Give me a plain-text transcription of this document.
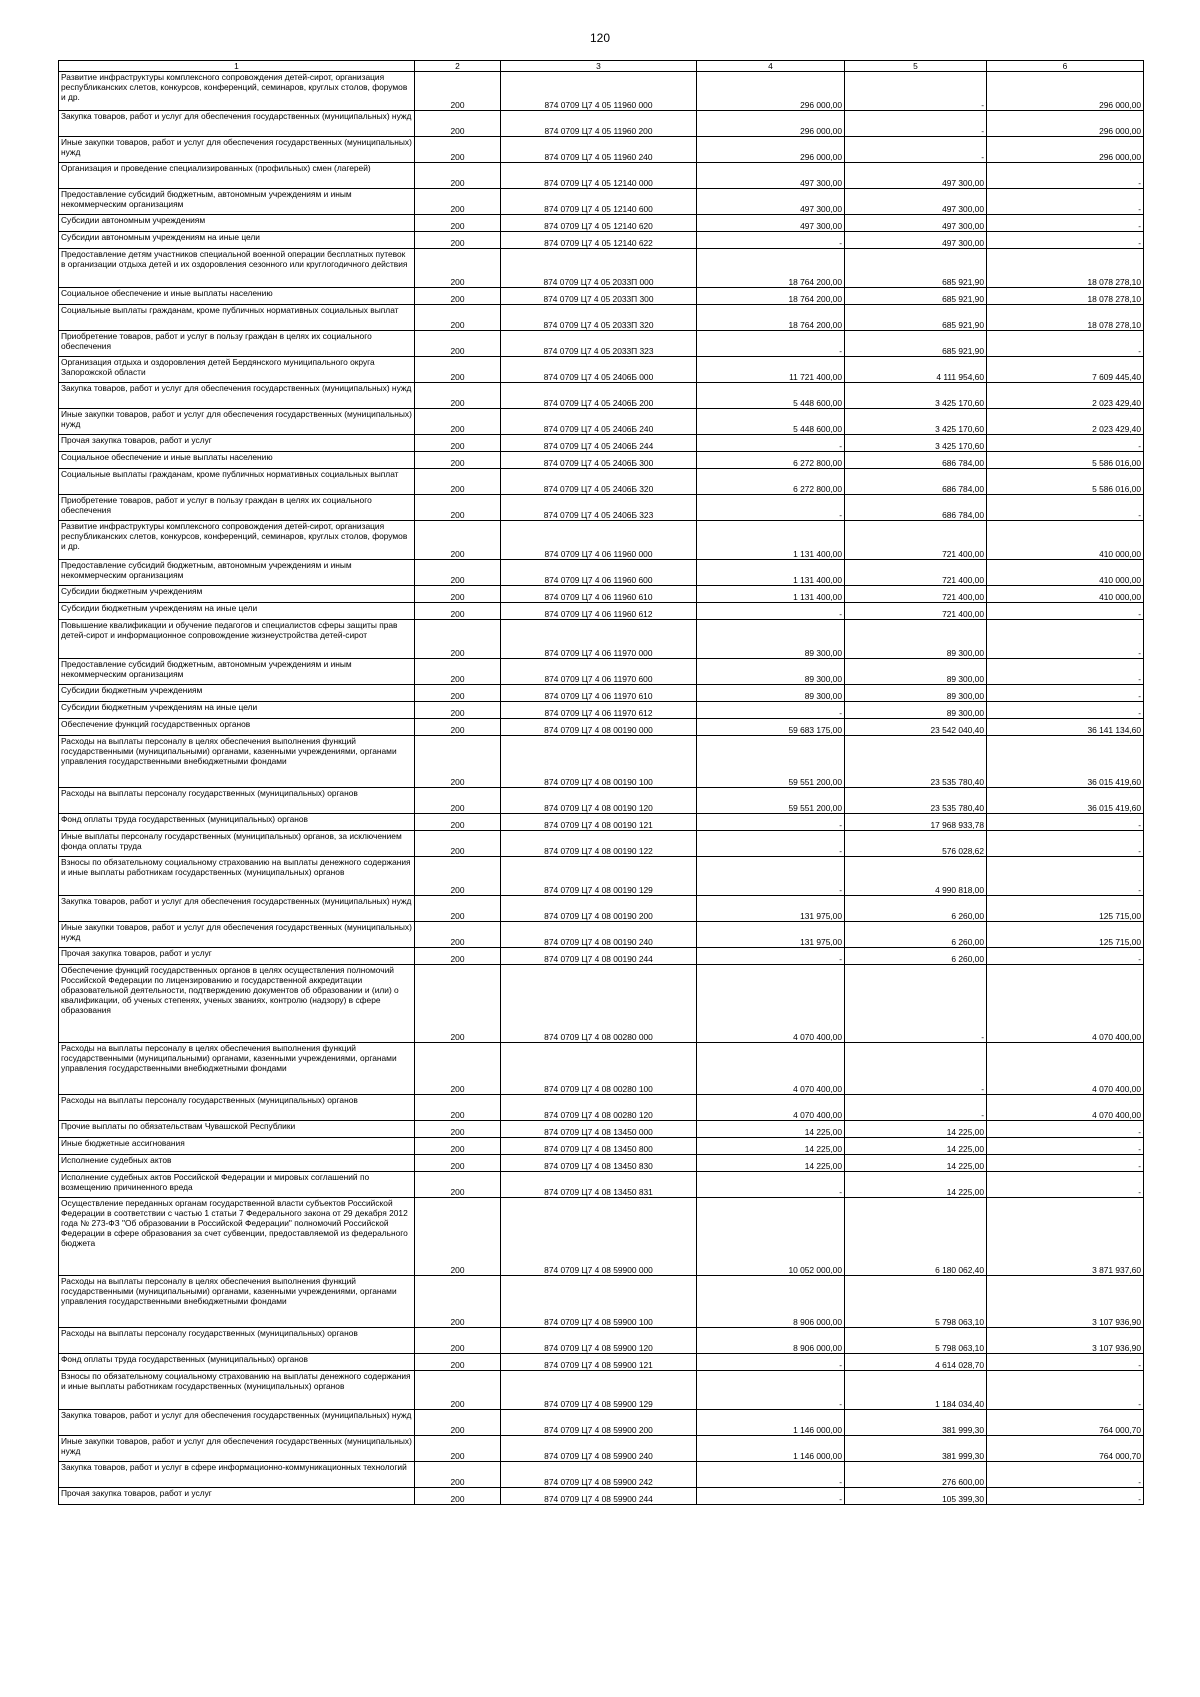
120
1	2	3	4	5	6
Развитие инфраструктуры комплексного сопровождения детей-сирот, организация республиканских слетов, конкурсов, конференций, семинаров, круглых столов, форумов и др.	200	874 0709 Ц7 4 05 11960 000	296 000,00	-	296 000,00
Закупка товаров, работ и услуг для обеспечения государственных (муниципальных) нужд	200	874 0709 Ц7 4 05 11960 200	296 000,00	-	296 000,00
Иные закупки товаров, работ и услуг для обеспечения государственных (муниципальных) нужд	200	874 0709 Ц7 4 05 11960 240	296 000,00	-	296 000,00
Организация и проведение специализированных (профильных) смен (лагерей)	200	874 0709 Ц7 4 05 12140 000	497 300,00	497 300,00	-
Предоставление субсидий бюджетным, автономным учреждениям и иным некоммерческим организациям	200	874 0709 Ц7 4 05 12140 600	497 300,00	497 300,00	-
Субсидии автономным учреждениям	200	874 0709 Ц7 4 05 12140 620	497 300,00	497 300,00	-
Субсидии автономным учреждениям на иные цели	200	874 0709 Ц7 4 05 12140 622	-	497 300,00	-
Предоставление детям участников специальной военной операции бесплатных путевок в организации отдыха детей и их оздоровления сезонного или круглогодичного действия	200	874 0709 Ц7 4 05 2033П 000	18 764 200,00	685 921,90	18 078 278,10
Социальное обеспечение и иные выплаты населению	200	874 0709 Ц7 4 05 2033П 300	18 764 200,00	685 921,90	18 078 278,10
Социальные выплаты гражданам, кроме публичных нормативных социальных выплат	200	874 0709 Ц7 4 05 2033П 320	18 764 200,00	685 921,90	18 078 278,10
Приобретение товаров, работ и услуг в пользу граждан в целях их социального обеспечения	200	874 0709 Ц7 4 05 2033П 323	-	685 921,90	-
Организация отдыха и оздоровления детей Бердянского муниципального округа Запорожской области	200	874 0709 Ц7 4 05 2406Б 000	11 721 400,00	4 111 954,60	7 609 445,40
Закупка товаров, работ и услуг для обеспечения государственных (муниципальных) нужд	200	874 0709 Ц7 4 05 2406Б 200	5 448 600,00	3 425 170,60	2 023 429,40
Иные закупки товаров, работ и услуг для обеспечения государственных (муниципальных) нужд	200	874 0709 Ц7 4 05 2406Б 240	5 448 600,00	3 425 170,60	2 023 429,40
Прочая закупка товаров, работ и услуг	200	874 0709 Ц7 4 05 2406Б 244	-	3 425 170,60	-
Социальное обеспечение и иные выплаты населению	200	874 0709 Ц7 4 05 2406Б 300	6 272 800,00	686 784,00	5 586 016,00
Социальные выплаты гражданам, кроме публичных нормативных социальных выплат	200	874 0709 Ц7 4 05 2406Б 320	6 272 800,00	686 784,00	5 586 016,00
Приобретение товаров, работ и услуг в пользу граждан в целях их социального обеспечения	200	874 0709 Ц7 4 05 2406Б 323	-	686 784,00	-
Развитие инфраструктуры комплексного сопровождения детей-сирот, организация республиканских слетов, конкурсов, конференций, семинаров, круглых столов, форумов и др.	200	874 0709 Ц7 4 06 11960 000	1 131 400,00	721 400,00	410 000,00
Предоставление субсидий бюджетным, автономным учреждениям и иным некоммерческим организациям	200	874 0709 Ц7 4 06 11960 600	1 131 400,00	721 400,00	410 000,00
Субсидии бюджетным учреждениям	200	874 0709 Ц7 4 06 11960 610	1 131 400,00	721 400,00	410 000,00
Субсидии бюджетным учреждениям на иные цели	200	874 0709 Ц7 4 06 11960 612	-	721 400,00	-
Повышение квалификации и обучение педагогов и специалистов сферы защиты прав детей-сирот и информационное сопровождение жизнеустройства детей-сирот	200	874 0709 Ц7 4 06 11970 000	89 300,00	89 300,00	-
Предоставление субсидий бюджетным, автономным учреждениям и иным некоммерческим организациям	200	874 0709 Ц7 4 06 11970 600	89 300,00	89 300,00	-
Субсидии бюджетным учреждениям	200	874 0709 Ц7 4 06 11970 610	89 300,00	89 300,00	-
Субсидии бюджетным учреждениям на иные цели	200	874 0709 Ц7 4 06 11970 612	-	89 300,00	-
Обеспечение функций государственных органов	200	874 0709 Ц7 4 08 00190 000	59 683 175,00	23 542 040,40	36 141 134,60
Расходы на выплаты персоналу в целях обеспечения выполнения функций государственными (муниципальными) органами, казенными учреждениями, органами управления государственными внебюджетными фондами	200	874 0709 Ц7 4 08 00190 100	59 551 200,00	23 535 780,40	36 015 419,60
Расходы на выплаты персоналу государственных (муниципальных) органов	200	874 0709 Ц7 4 08 00190 120	59 551 200,00	23 535 780,40	36 015 419,60
Фонд оплаты труда государственных (муниципальных) органов	200	874 0709 Ц7 4 08 00190 121	-	17 968 933,78	-
Иные выплаты персоналу государственных (муниципальных) органов, за исключением фонда оплаты труда	200	874 0709 Ц7 4 08 00190 122	-	576 028,62	-
Взносы по обязательному социальному страхованию на выплаты денежного содержания и иные выплаты работникам государственных (муниципальных) органов	200	874 0709 Ц7 4 08 00190 129	-	4 990 818,00	-
Закупка товаров, работ и услуг для обеспечения государственных (муниципальных) нужд	200	874 0709 Ц7 4 08 00190 200	131 975,00	6 260,00	125 715,00
Иные закупки товаров, работ и услуг для обеспечения государственных (муниципальных) нужд	200	874 0709 Ц7 4 08 00190 240	131 975,00	6 260,00	125 715,00
Прочая закупка товаров, работ и услуг	200	874 0709 Ц7 4 08 00190 244	-	6 260,00	-
Обеспечение функций государственных органов в целях осуществления полномочий Российской Федерации по лицензированию и государственной аккредитации образовательной деятельности, подтверждению документов об образовании и (или) о квалификации, об ученых степенях, ученых званиях, контролю (надзору) в сфере образования	200	874 0709 Ц7 4 08 00280 000	4 070 400,00	-	4 070 400,00
Расходы на выплаты персоналу в целях обеспечения выполнения функций государственными (муниципальными) органами, казенными учреждениями, органами управления государственными внебюджетными фондами	200	874 0709 Ц7 4 08 00280 100	4 070 400,00	-	4 070 400,00
Расходы на выплаты персоналу государственных (муниципальных) органов	200	874 0709 Ц7 4 08 00280 120	4 070 400,00	-	4 070 400,00
Прочие выплаты по обязательствам Чувашской Республики	200	874 0709 Ц7 4 08 13450 000	14 225,00	14 225,00	-
Иные бюджетные ассигнования	200	874 0709 Ц7 4 08 13450 800	14 225,00	14 225,00	-
Исполнение судебных актов	200	874 0709 Ц7 4 08 13450 830	14 225,00	14 225,00	-
Исполнение судебных актов Российской Федерации и мировых соглашений по возмещению причиненного вреда	200	874 0709 Ц7 4 08 13450 831	-	14 225,00	-
Осуществление переданных органам государственной власти субъектов Российской Федерации в соответствии с частью 1 статьи 7 Федерального закона от 29 декабря 2012 года № 273-ФЗ "Об образовании в Российской Федерации" полномочий Российской Федерации в сфере образования за счет субвенции, предоставляемой из федерального бюджета	200	874 0709 Ц7 4 08 59900 000	10 052 000,00	6 180 062,40	3 871 937,60
Расходы на выплаты персоналу в целях обеспечения выполнения функций государственными (муниципальными) органами, казенными учреждениями, органами управления государственными внебюджетными фондами	200	874 0709 Ц7 4 08 59900 100	8 906 000,00	5 798 063,10	3 107 936,90
Расходы на выплаты персоналу государственных (муниципальных) органов	200	874 0709 Ц7 4 08 59900 120	8 906 000,00	5 798 063,10	3 107 936,90
Фонд оплаты труда государственных (муниципальных) органов	200	874 0709 Ц7 4 08 59900 121	-	4 614 028,70	-
Взносы по обязательному социальному страхованию на выплаты денежного содержания и иные выплаты работникам государственных (муниципальных) органов	200	874 0709 Ц7 4 08 59900 129	-	1 184 034,40	-
Закупка товаров, работ и услуг для обеспечения государственных (муниципальных) нужд	200	874 0709 Ц7 4 08 59900 200	1 146 000,00	381 999,30	764 000,70
Иные закупки товаров, работ и услуг для обеспечения государственных (муниципальных) нужд	200	874 0709 Ц7 4 08 59900 240	1 146 000,00	381 999,30	764 000,70
Закупка товаров, работ и услуг в сфере информационно-коммуникационных технологий	200	874 0709 Ц7 4 08 59900 242	-	276 600,00	-
Прочая закупка товаров, работ и услуг	200	874 0709 Ц7 4 08 59900 244	-	105 399,30	-
